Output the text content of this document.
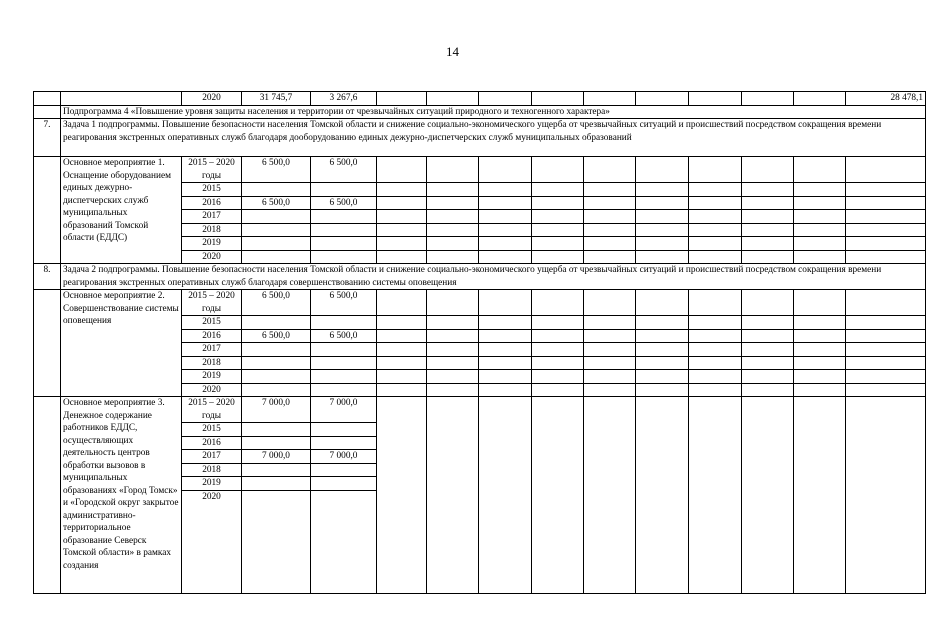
14
		2020	31 745,7	3 267,6										28 478,1
	Подпрограмма 4 «Повышение уровня защиты населения и территории от чрезвычайных ситуаций природного и техногенного характера»													
7.	Задача 1 подпрограммы. Повышение безопасности населения Томской области и снижение социально-экономического ущерба от чрезвычайных ситуаций и происшествий посредством сокращения времени реагирования экстренных оперативных служб благодаря дооборудованию единых дежурно-диспетчерских служб муниципальных образований													
	Основное мероприятие 1. Оснащение оборудованием единых дежурно-диспетчерских служб муниципальных образований Томской области (ЕДДС)	2015 – 2020 годы	6 500,0	6 500,0										
		2015												
		2016	6 500,0	6 500,0										
		2017												
		2018												
		2019												
		2020												
8.	Задача 2 подпрограммы. Повышение безопасности населения Томской области и снижение социально-экономического ущерба от чрезвычайных ситуаций и происшествий посредством сокращения времени реагирования экстренных оперативных служб благодаря совершенствованию системы оповещения													
	Основное мероприятие 2. Совершенствование системы оповещения	2015 – 2020 годы	6 500,0	6 500,0										
		2015												
		2016	6 500,0	6 500,0										
		2017												
		2018												
		2019												
		2020												
	Основное мероприятие 3. Денежное содержание работников ЕДДС, осуществляющих деятельность центров обработки вызовов в муниципальных образованиях «Город Томск» и «Городской округ закрытое административно-территориальное образование Северск Томской области» в рамках создания	2015 – 2020 годы	7 000,0	7 000,0										
		2015												
		2016												
		2017	7 000,0	7 000,0										
		2018												
		2019												
		2020												
